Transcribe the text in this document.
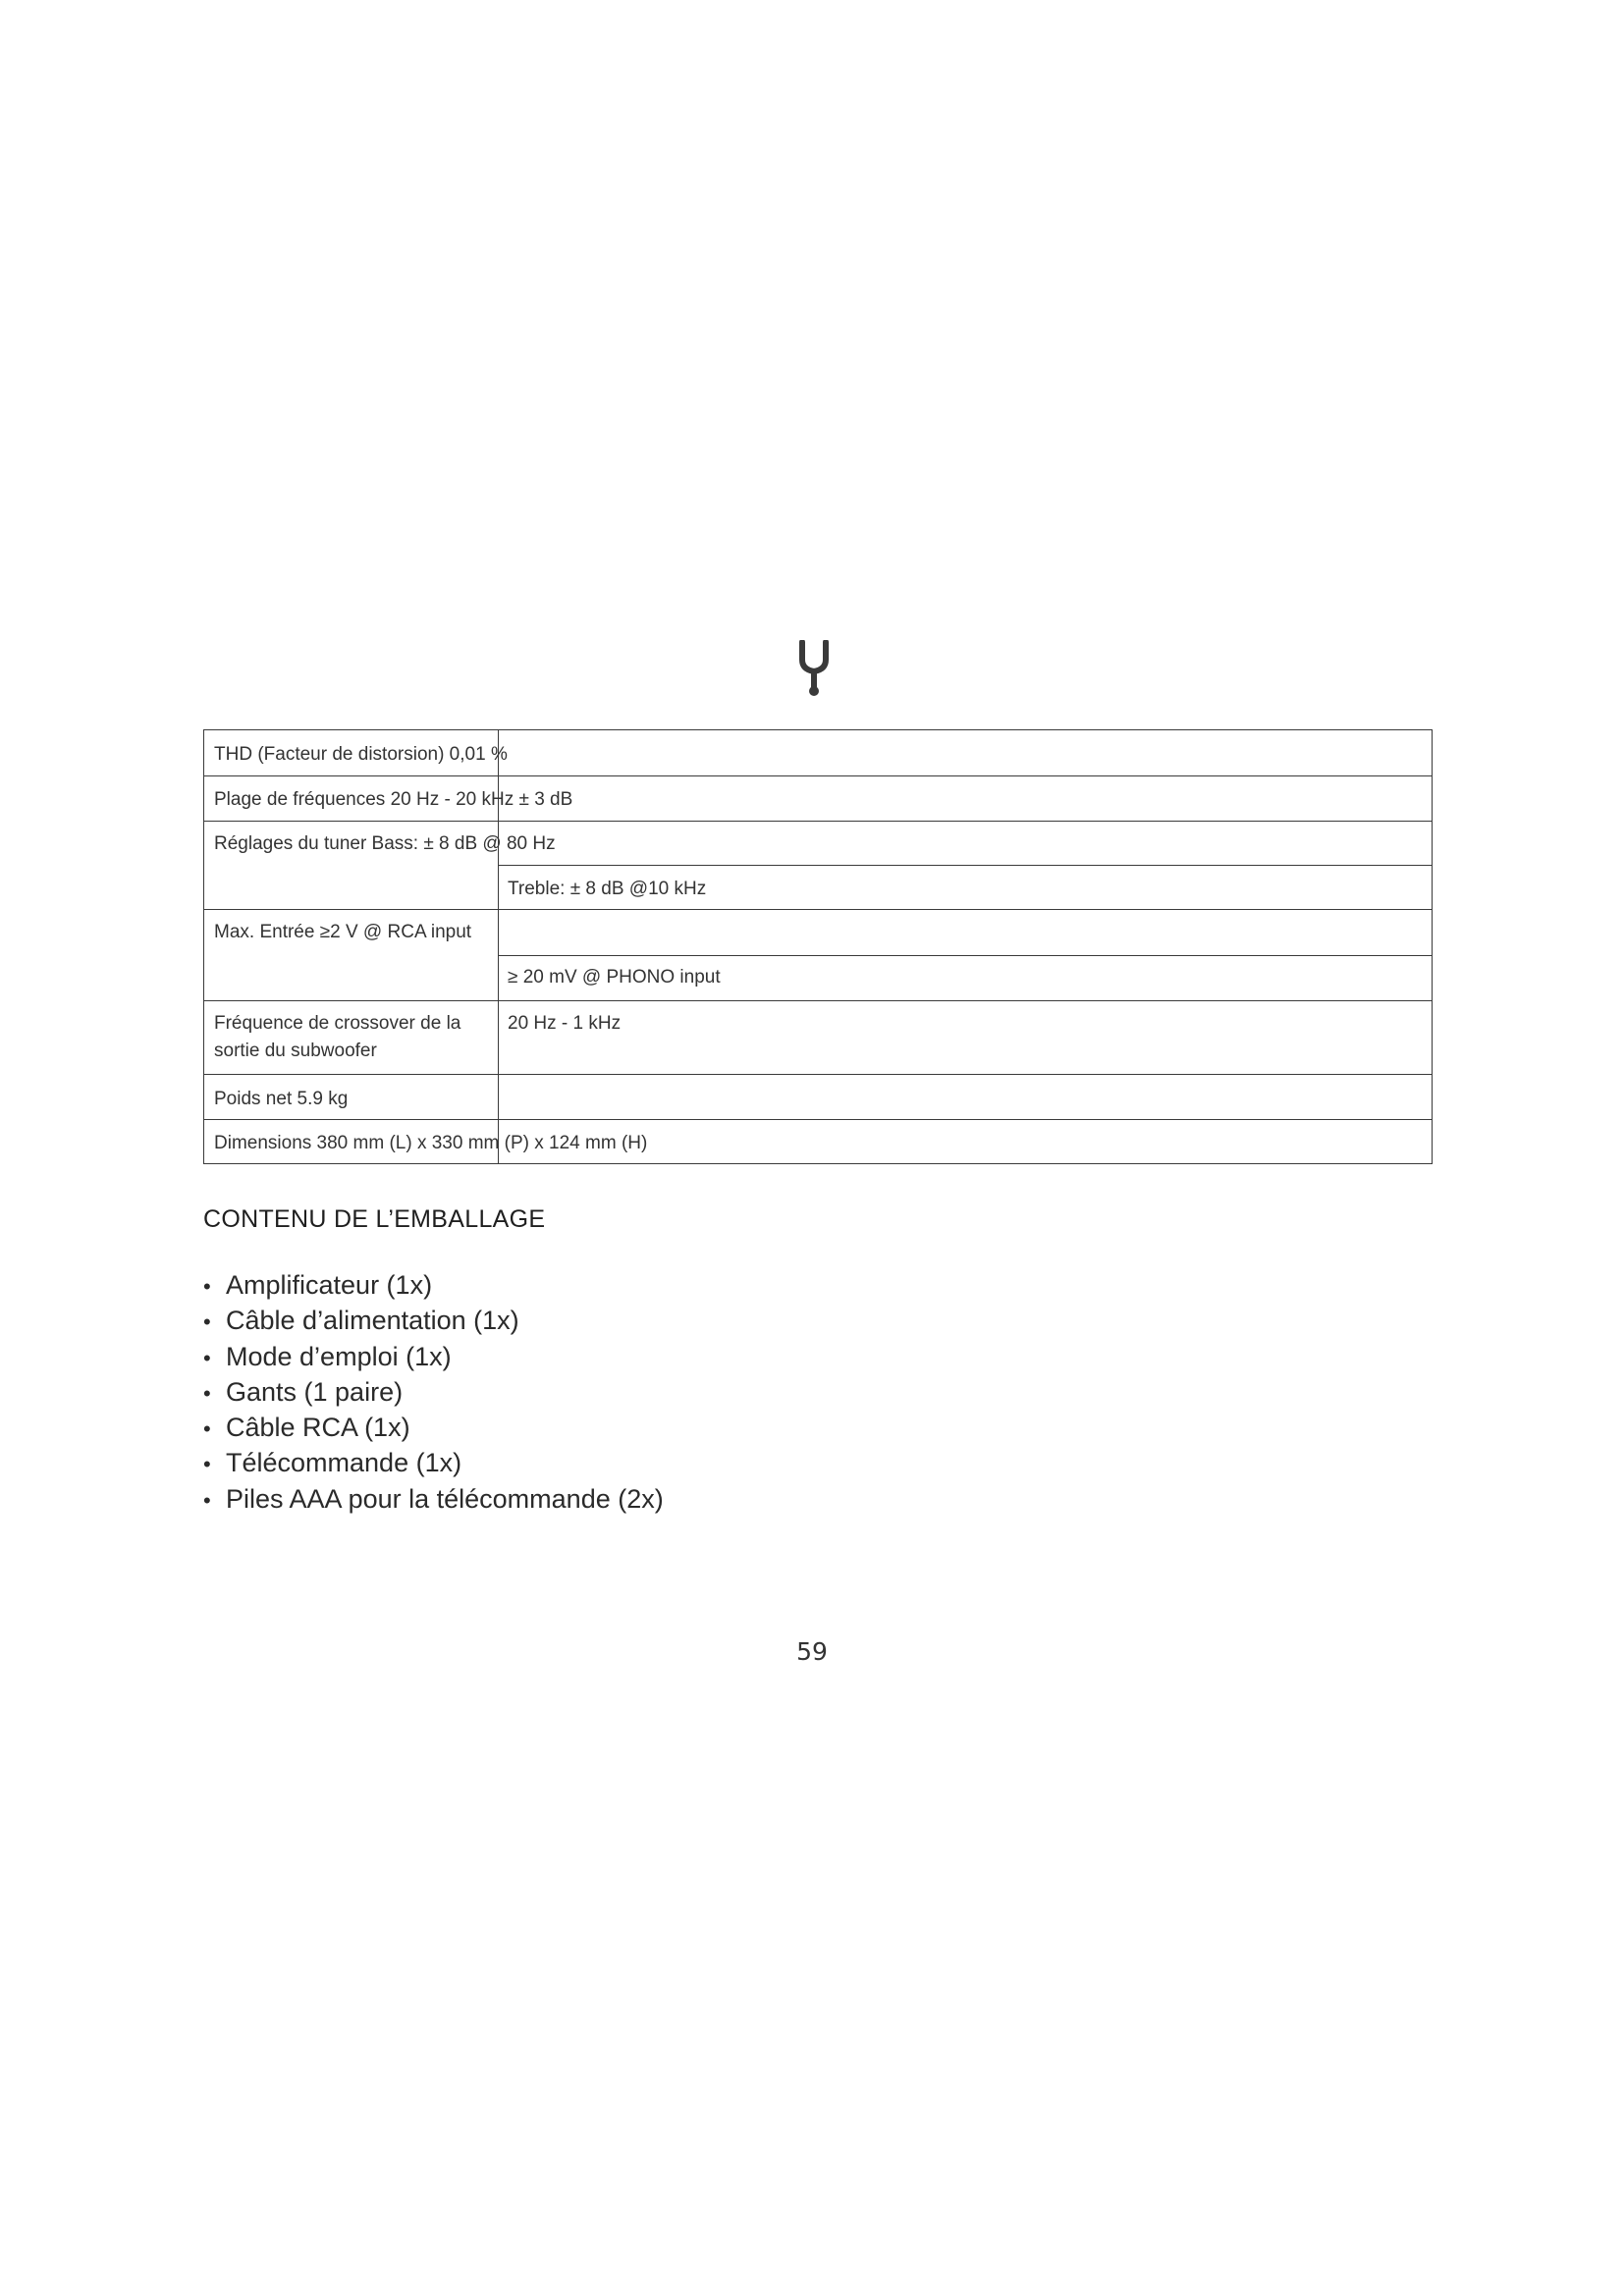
THD (Facteur de distorsion) 0,01 %
Plage de fréquences 20 Hz - 20 kHz ± 3 dB
Réglages du tuner Bass: ± 8 dB @ 80 Hz
Treble: ± 8 dB @10 kHz
Max. Entrée ≥2 V @ RCA input
≥ 20 mV @ PHONO input
Fréquence de crossover de la sortie du subwoofer
20 Hz - 1 kHz
Poids net 5.9 kg
Dimensions 380 mm (L) x 330 mm (P) x 124 mm (H)
CONTENU DE L’EMBALLAGE
• Amplificateur (1x)
• Câble d’alimentation (1x)
• Mode d’emploi (1x)
• Gants (1 paire)
• Câble RCA (1x)
• Télécommande (1x)
• Piles AAA pour la télécommande (2x)
59
